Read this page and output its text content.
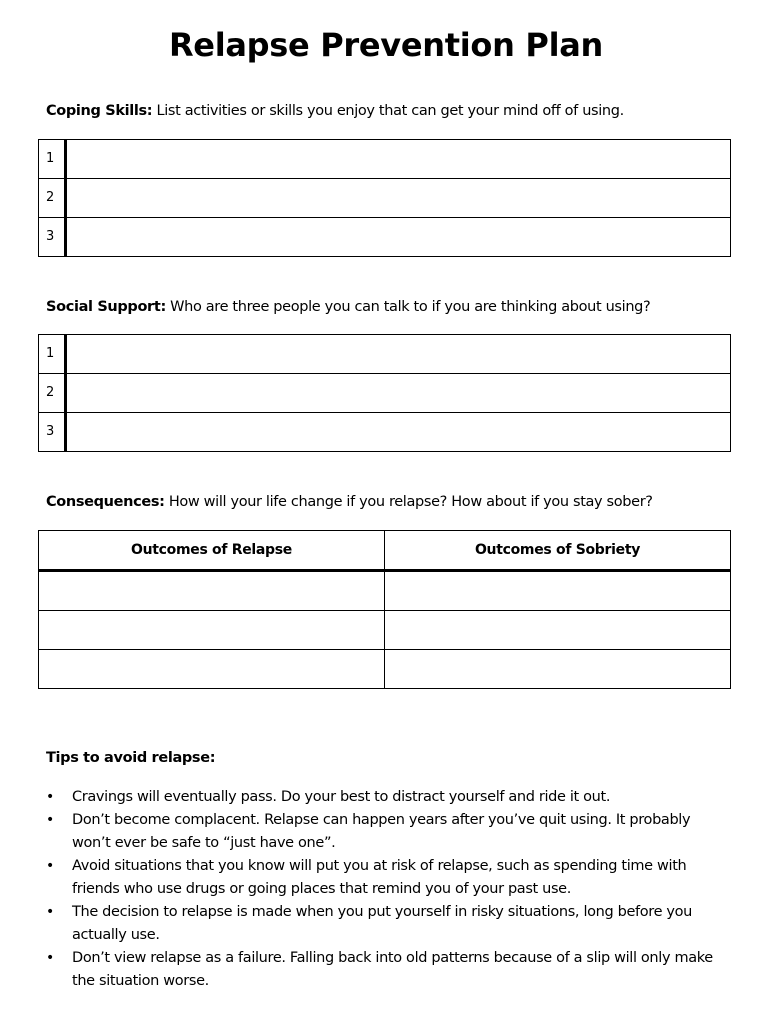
Relapse Prevention Plan
Coping Skills: List activities or skills you enjoy that can get your mind off of using.
1	
2	
3	
Social Support: Who are three people you can talk to if you are thinking about using?
1	
2	
3	
Consequences: How will your life change if you relapse? How about if you stay sober?
Outcomes of Relapse	Outcomes of Sobriety

Tips to avoid relapse:
• Cravings will eventually pass. Do your best to distract yourself and ride it out.
• Don’t become complacent. Relapse can happen years after you’ve quit using. It probably won’t ever be safe to “just have one”.
• Avoid situations that you know will put you at risk of relapse, such as spending time with friends who use drugs or going places that remind you of your past use.
• The decision to relapse is made when you put yourself in risky situations, long before you actually use.
• Don’t view relapse as a failure. Falling back into old patterns because of a slip will only make the situation worse.
